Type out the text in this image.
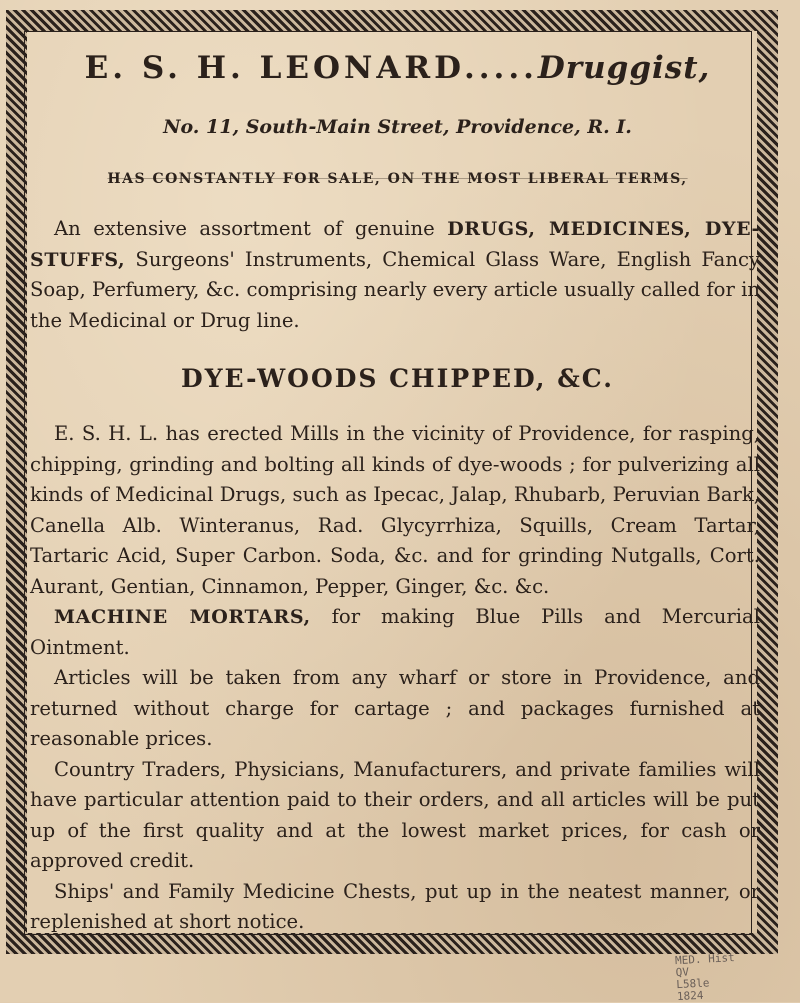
E. S. H. LEONARD.....Druggist,
No. 11, South-Main Street, Providence, R. I.
HAS CONSTANTLY FOR SALE, ON THE MOST LIBERAL TERMS,
An extensive assortment of genuine DRUGS, MEDICINES, DYE-STUFFS, Surgeons' Instruments, Chemical Glass Ware, English Fancy Soap, Perfumery, &c. comprising nearly every article usually called for in the Medicinal or Drug line.
DYE-WOODS CHIPPED, &C.
E. S. H. L. has erected Mills in the vicinity of Providence, for rasping, chipping, grinding and bolting all kinds of dye-woods ; for pulverizing all kinds of Medicinal Drugs, such as Ipecac, Jalap, Rhubarb, Peruvian Bark, Canella Alb. Winteranus, Rad. Glycyrrhiza, Squills, Cream Tartar, Tartaric Acid, Super Carbon. Soda, &c. and for grinding Nutgalls, Cort. Aurant, Gentian, Cinnamon, Pepper, Ginger, &c. &c.
MACHINE MORTARS, for making Blue Pills and Mercurial Ointment.
Articles will be taken from any wharf or store in Providence, and returned without charge for cartage ; and packages furnished at reasonable prices.
Country Traders, Physicians, Manufacturers, and private families will have particular attention paid to their orders, and all articles will be put up of the first quality and at the lowest market prices, for cash or approved credit.
Ships' and Family Medicine Chests, put up in the neatest manner, or replenished at short notice.
MED. Hist
QV
L58le
1824
